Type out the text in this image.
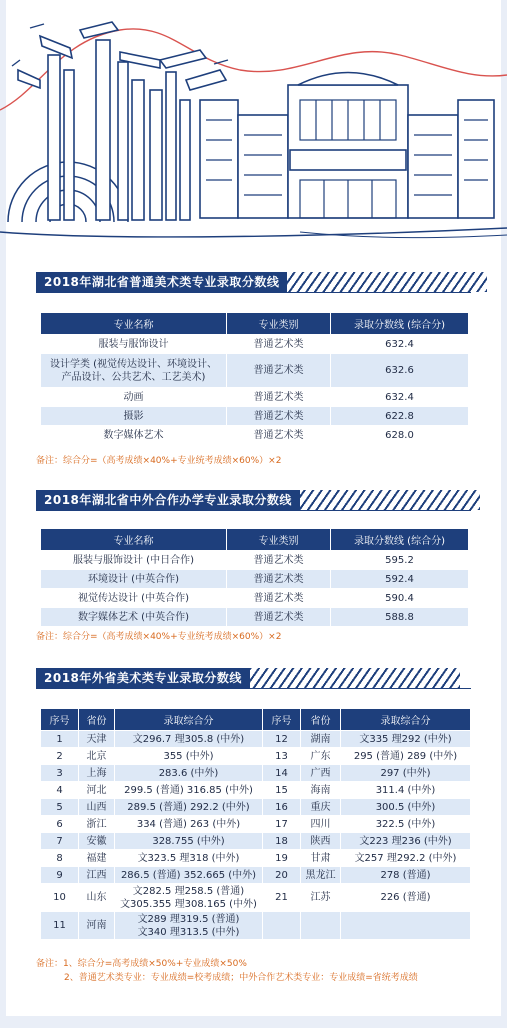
2018年湖北省普通美术类专业录取分数线
专业名称	专业类别	录取分数线 (综合分)
服装与服饰设计	普通艺术类	632.4
设计学类 (视觉传达设计、环境设计、
产品设计、公共艺术、工艺美术)	普通艺术类	632.6
动画	普通艺术类	632.4
摄影	普通艺术类	622.8
数字媒体艺术	普通艺术类	628.0
备注：综合分=（高考成绩×40%+专业统考成绩×60%）×2
2018年湖北省中外合作办学专业录取分数线
专业名称	专业类别	录取分数线 (综合分)
服装与服饰设计 (中日合作)	普通艺术类	595.2
环境设计 (中英合作)	普通艺术类	592.4
视觉传达设计 (中英合作)	普通艺术类	590.4
数字媒体艺术 (中英合作)	普通艺术类	588.8
备注：综合分=（高考成绩×40%+专业统考成绩×60%）×2
2018年外省美术类专业录取分数线
序号	省份	录取综合分	序号	省份	录取综合分
1	天津	文296.7 理305.8 (中外)	12	湖南	文335 理292 (中外)
2	北京	355 (中外)	13	广东	295 (普通) 289 (中外)
3	上海	283.6 (中外)	14	广西	297 (中外)
4	河北	299.5 (普通) 316.85 (中外)	15	海南	311.4 (中外)
5	山西	289.5 (普通) 292.2 (中外)	16	重庆	300.5 (中外)
6	浙江	334 (普通) 263 (中外)	17	四川	322.5 (中外)
7	安徽	328.755 (中外)	18	陕西	文223 理236 (中外)
8	福建	文323.5 理318 (中外)	19	甘肃	文257 理292.2 (中外)
9	江西	286.5 (普通) 352.665 (中外)	20	黑龙江	278 (普通)
10	山东	文282.5 理258.5 (普通)
文305.355 理308.165 (中外)	21	江苏	226 (普通)
11	河南	文289 理319.5 (普通)
文340 理313.5 (中外)			
备注：1、综合分=高考成绩×50%+专业成绩×50%
2、普通艺术类专业：专业成绩=校考成绩；中外合作艺术类专业：专业成绩=省统考成绩
